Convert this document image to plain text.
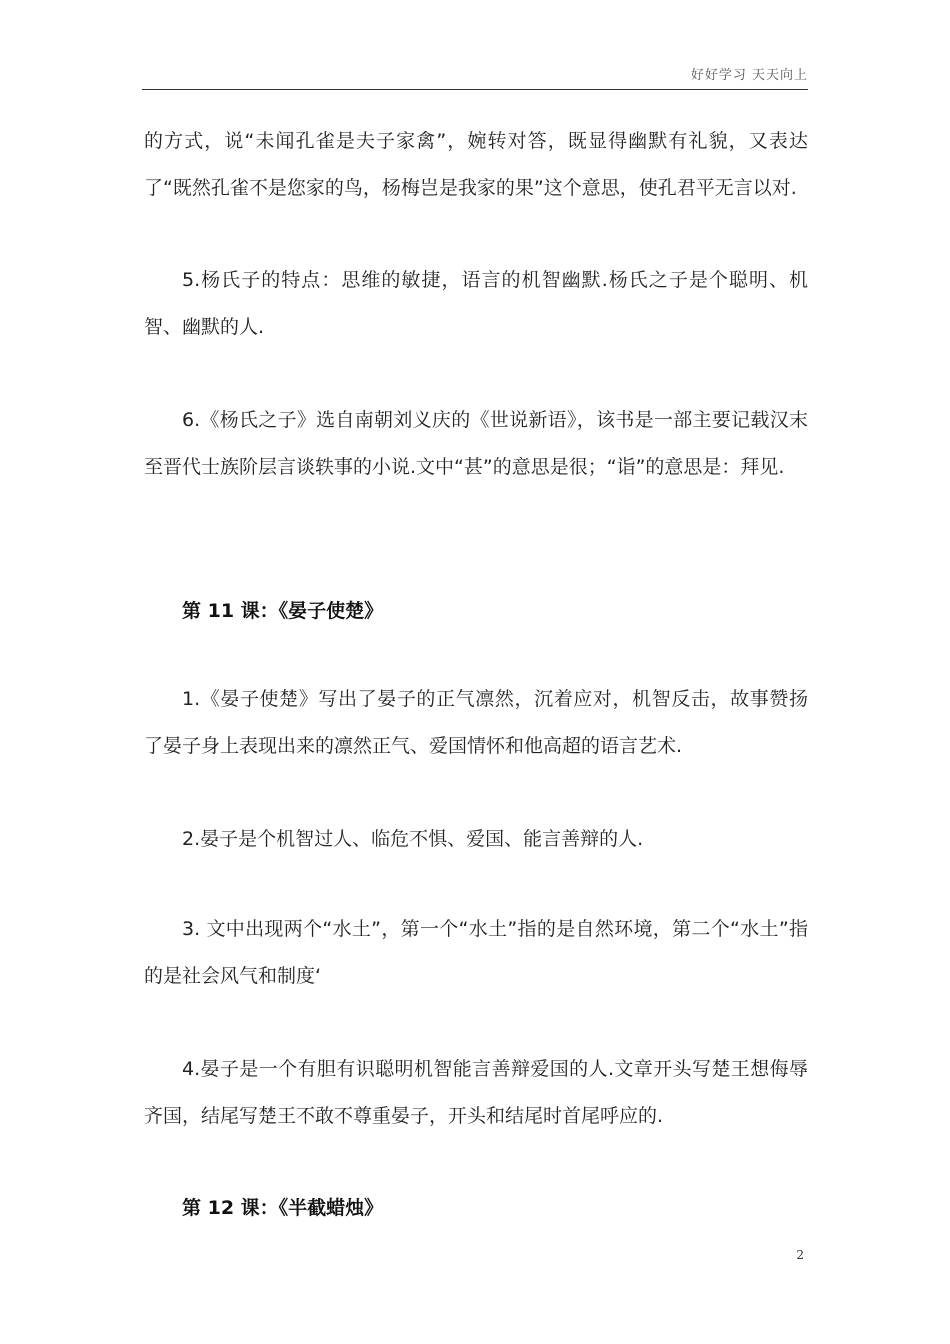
好好学习 天天向上

的方式，说“未闻孔雀是夫子家禽”，婉转对答，既显得幽默有礼貌，又表达了“既然孔雀不是您家的鸟，杨梅岂是我家的果”这个意思，使孔君平无言以对.

5.杨氏子的特点：思维的敏捷，语言的机智幽默.杨氏之子是个聪明、机智、幽默的人.

6.《杨氏之子》选自南朝刘义庆的《世说新语》，该书是一部主要记载汉末至晋代士族阶层言谈轶事的小说.文中“甚”的意思是很；“诣”的意思是：拜见.

第 11 课：《晏子使楚》

1.《晏子使楚》写出了晏子的正气凛然，沉着应对，机智反击，故事赞扬了晏子身上表现出来的凛然正气、爱国情怀和他高超的语言艺术.

2.晏子是个机智过人、临危不惧、爱国、能言善辩的人.

3. 文中出现两个“水土”，第一个“水土”指的是自然环境，第二个“水土”指的是社会风气和制度‘

4.晏子是一个有胆有识聪明机智能言善辩爱国的人.文章开头写楚王想侮辱齐国，结尾写楚王不敢不尊重晏子，开头和结尾时首尾呼应的.

第 12 课：《半截蜡烛》
2
